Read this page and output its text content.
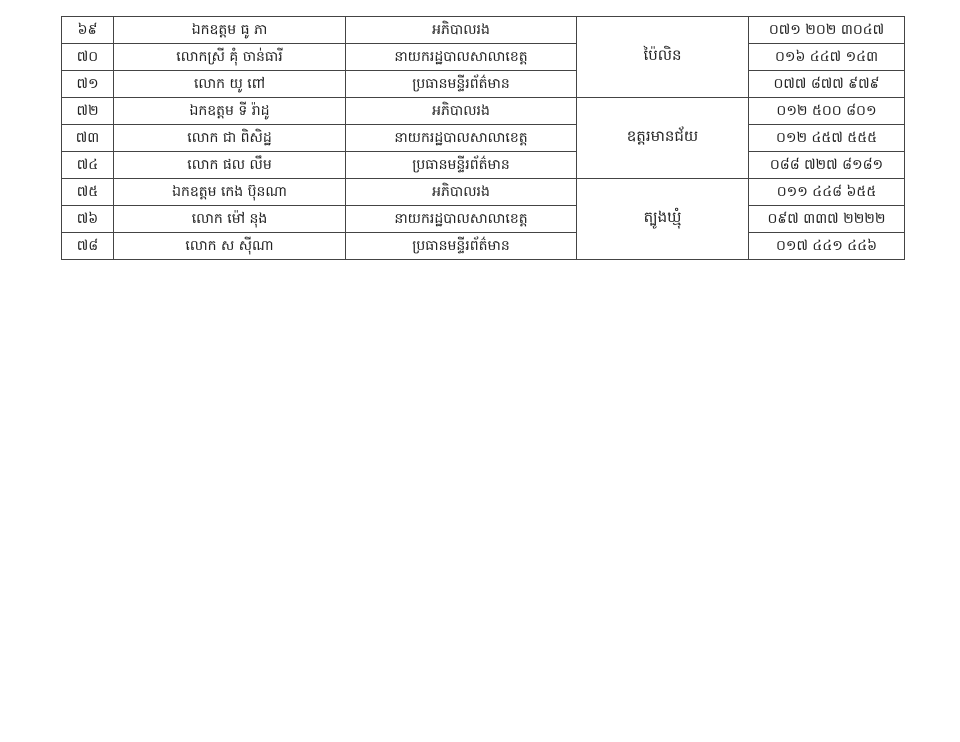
៦៩	ឯកឧត្តម ធូ ភា	អភិបាលរង	ប៉ៃលិន	០៧១ ២០២ ៣០៤៧
៧០	លោកស្រី គុំ ចាន់ធារី	នាយករដ្ឋបាលសាលាខេត្ត		០១៦ ៤៤៧ ១៤៣
៧១	លោក យូ ពៅ	ប្រធានមន្ទីរព័ត៌មាន		០៧៧ ៨៧៧ ៩៧៩
៧២	ឯកឧត្តម ទី រ៉ាដូ	អភិបាលរង	ឧត្តរមានជ័យ	០១២ ៥០០ ៨០១
៧៣	លោក ជា ពិសិដ្ឋ	នាយករដ្ឋបាលសាលាខេត្ត		០១២ ៤៥៧ ៥៥៥
៧៤	លោក ផល លឹម	ប្រធានមន្ទីរព័ត៌មាន		០៨៨ ៧២៧ ៨១៨១
៧៥	ឯកឧត្តម កេង ប៊ុនណា	អភិបាលរង	ត្បូងឃ្មុំ	០១១ ៤៤៨ ៦៥៥
៧៦	លោក ម៉ៅ នុង	នាយករដ្ឋបាលសាលាខេត្ត		០៩៧ ៣៣៧ ២២២២
៧៨	លោក ស ស៊ីណា	ប្រធានមន្ទីរព័ត៌មាន		០១៧ ៤៤១ ៤៤៦
